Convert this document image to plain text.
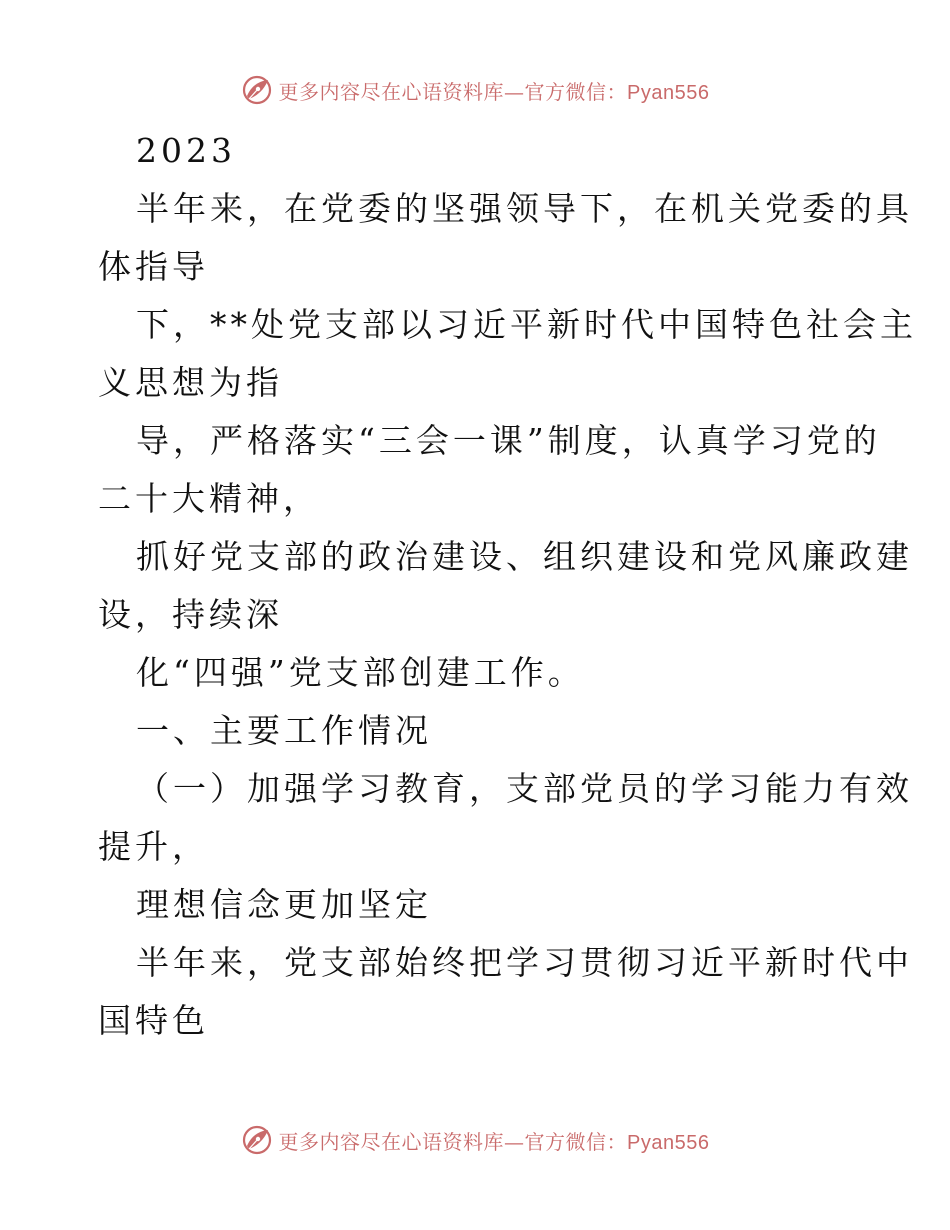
更多内容尽在心语资料库—官方微信：Pyan556

2023

半年来，在党委的坚强领导下，在机关党委的具

体指导

下，**处党支部以习近平新时代中国特色社会主

义思想为指

导，严格落实“三会一课”制度，认真学习党的

二十大精神，

抓好党支部的政治建设、组织建设和党风廉政建

设，持续深

化“四强”党支部创建工作。

一、主要工作情况

（一）加强学习教育，支部党员的学习能力有效

提升，

理想信念更加坚定

半年来，党支部始终把学习贯彻习近平新时代中

国特色

更多内容尽在心语资料库—官方微信：Pyan556
